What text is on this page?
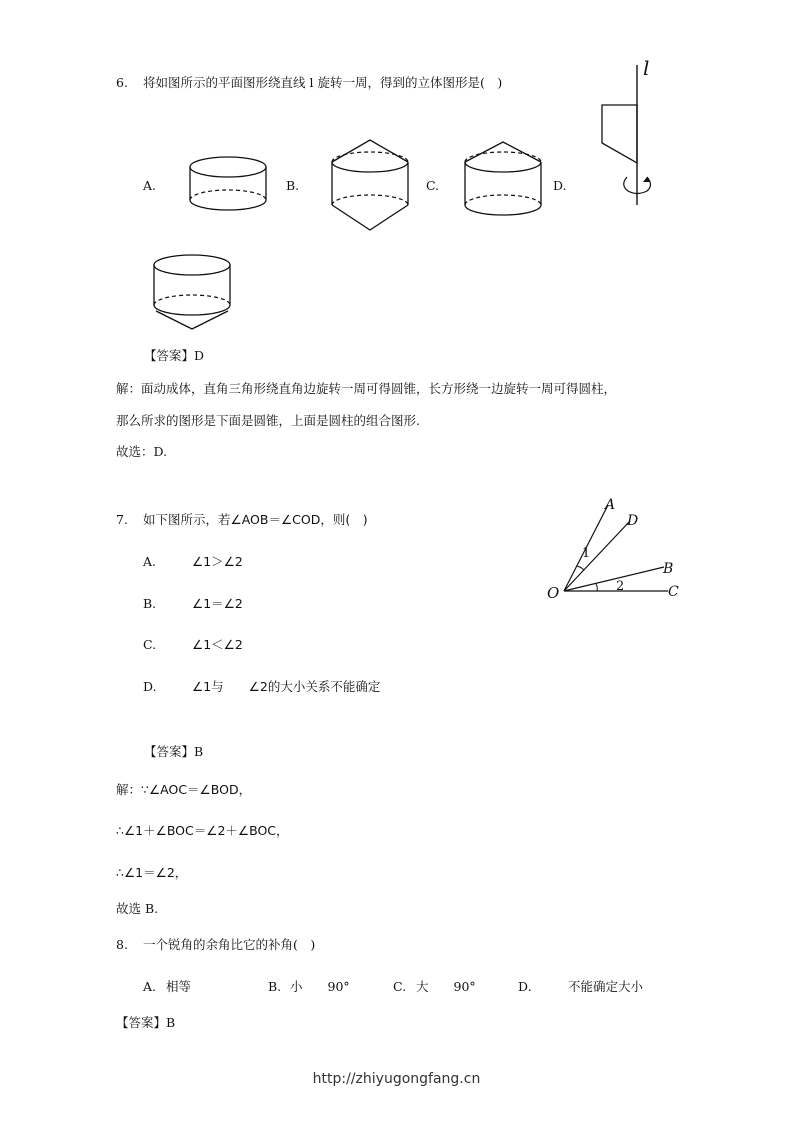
6. 将如图所示的平面图形绕直线 l 旋转一周，得到的立体图形是(　)
l
A.	B.	C.	D.
【答案】D
解：面动成体，直角三角形绕直角边旋转一周可得圆锥，长方形绕一边旋转一周可得圆柱，
那么所求的图形是下面是圆锥，上面是圆柱的组合图形.
故选：D.
7. 如下图所示，若∠AOB＝∠COD，则(　)
A.	∠1＞∠2
B.	∠1＝∠2
C.	∠1＜∠2
D.	∠1与　　∠2的大小关系不能确定
O
A
D
B
C
1
2
【答案】B
解：∵∠AOC＝∠BOD，
∴∠1＋∠BOC＝∠2＋∠BOC，
∴∠1＝∠2，
故选 B.
8. 一个锐角的余角比它的补角(　)
A. 相等	B. 小　　90°	C. 大　　90°	D.	不能确定大小
【答案】B
http://zhiyugongfang.cn
